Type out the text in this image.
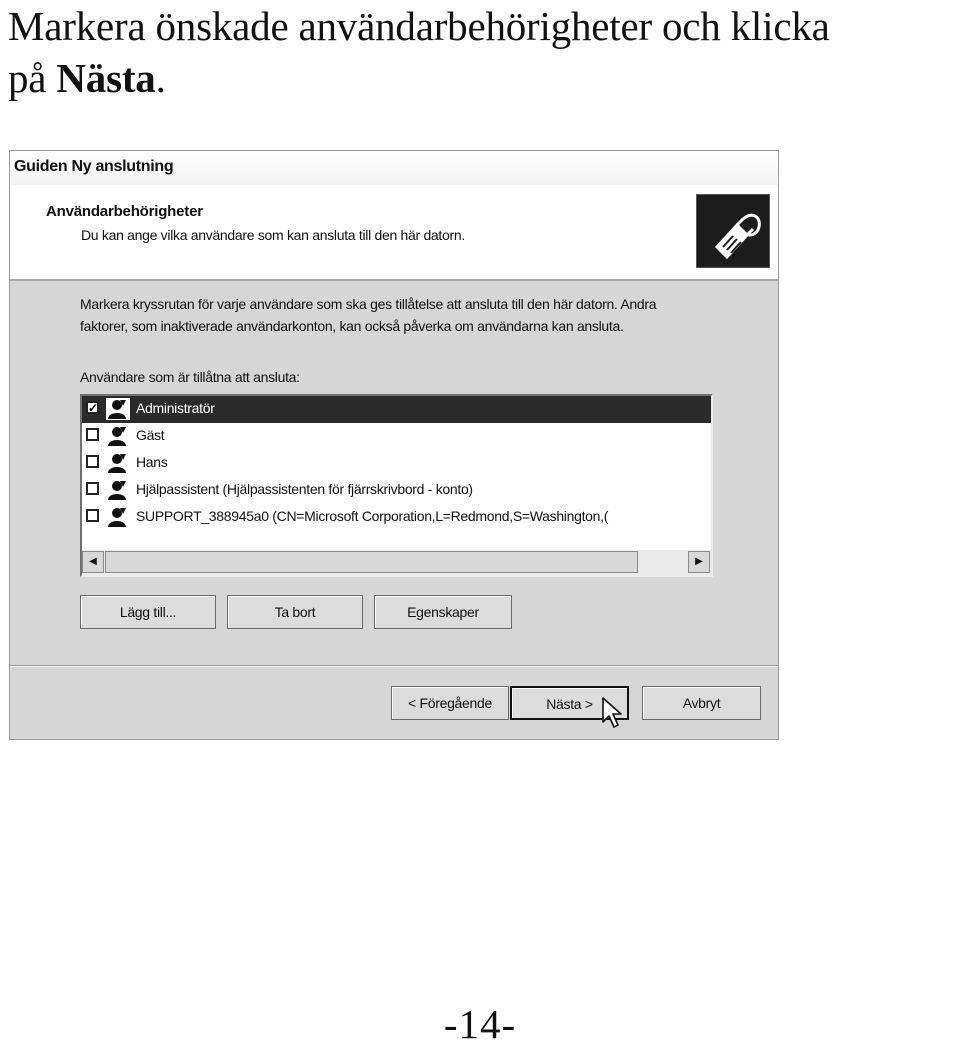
Markera önskade användarbehörigheter och klicka
på Nästa.
Guiden Ny anslutning
Användarbehörigheter
Du kan ange vilka användare som kan ansluta till den här datorn.
Markera kryssrutan för varje användare som ska ges tillåtelse att ansluta till den här datorn. Andra faktorer, som inaktiverade användarkonton, kan också påverka om användarna kan ansluta.
Användare som är tillåtna att ansluta:
✓	Administratör
Gäst
Hans
Hjälpassistent (Hjälpassistenten för fjärrskrivbord - konto)
SUPPORT_388945a0 (CN=Microsoft Corporation,L=Redmond,S=Washington,(
◀	▶
Lägg till...	Ta bort	Egenskaper
< Föregående	Nästa >	Avbryt
-14-
